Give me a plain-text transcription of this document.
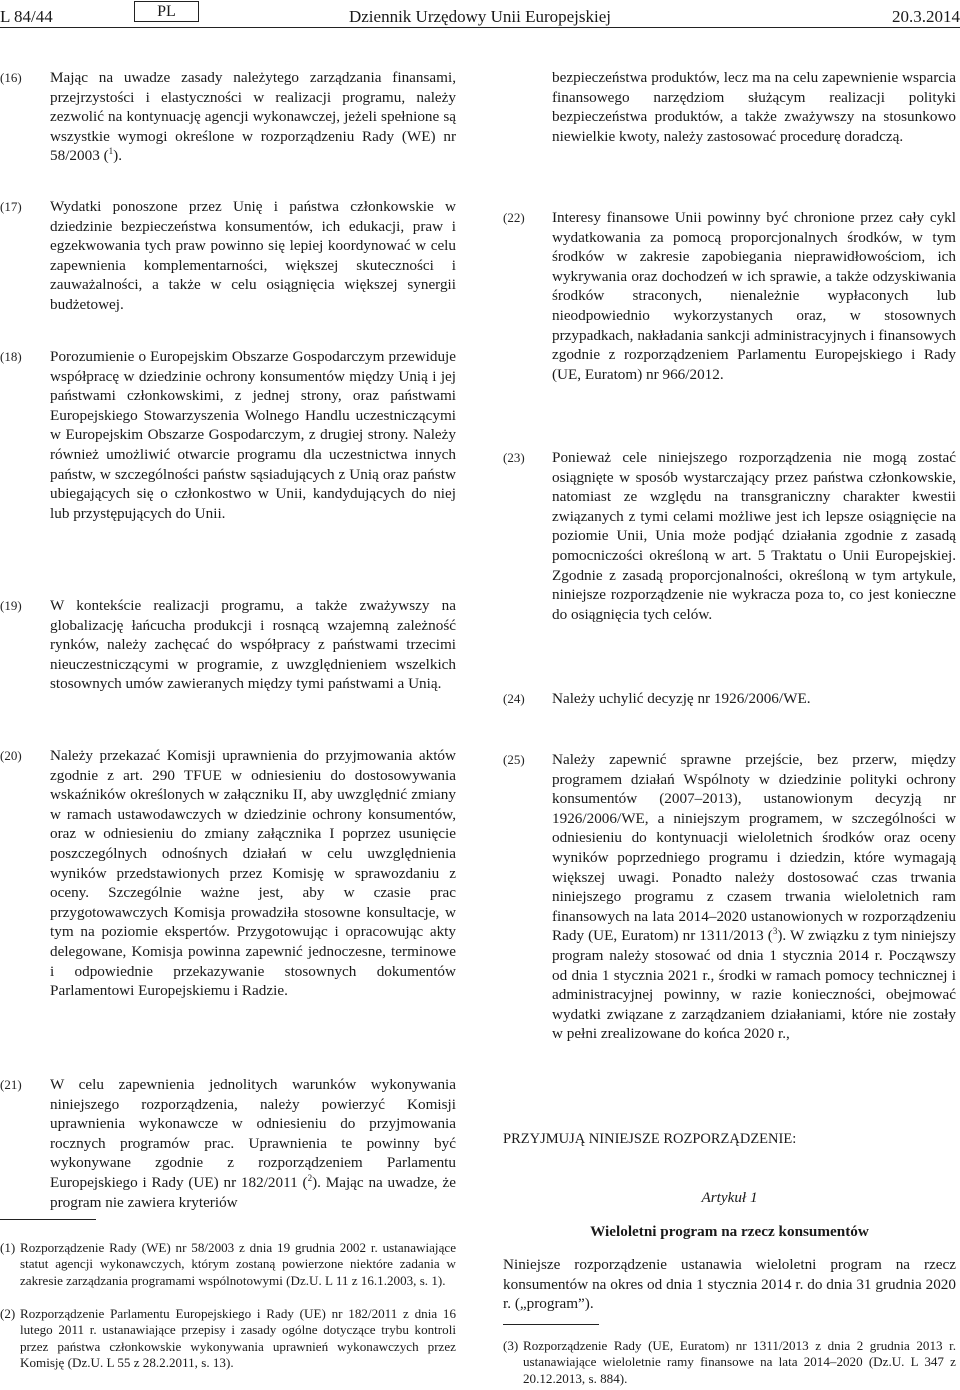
L 84/44	PL	Dziennik Urzędowy Unii Europejskiej	20.3.2014
(16) Mając na uwadze zasady należytego zarządzania finansami, przejrzystości i elastyczności w realizacji programu, należy zezwolić na kontynuację agencji wykonawczej, jeżeli spełnione są wszystkie wymogi określone w rozporządzeniu Rady (WE) nr 58/2003 ($^1$).
(17) Wydatki ponoszone przez Unię i państwa członkowskie w dziedzinie bezpieczeństwa konsumentów, ich edukacji, praw i egzekwowania tych praw powinno się lepiej koordynować w celu zapewnienia komplementarności, większej skuteczności i zauważalności, a także w celu osiągnięcia większej synergii budżetowej.
(18) Porozumienie o Europejskim Obszarze Gospodarczym przewiduje współpracę w dziedzinie ochrony konsumentów między Unią i jej państwami członkowskimi, z jednej strony, oraz państwami Europejskiego Stowarzyszenia Wolnego Handlu uczestniczącymi w Europejskim Obszarze Gospodarczym, z drugiej strony. Należy również umożliwić otwarcie programu dla uczestnictwa innych państw, w szczególności państw sąsiadujących z Unią oraz państw ubiegających się o członkostwo w Unii, kandydujących do niej lub przystępujących do Unii.
(19) W kontekście realizacji programu, a także zważywszy na globalizację łańcucha produkcji i rosnącą wzajemną zależność rynków, należy zachęcać do współpracy z państwami trzecimi nieuczestniczącymi w programie, z uwzględnieniem wszelkich stosownych umów zawieranych między tymi państwami a Unią.
(20) Należy przekazać Komisji uprawnienia do przyjmowania aktów zgodnie z art. 290 TFUE w odniesieniu do dostosowywania wskaźników określonych w załączniku II, aby uwzględnić zmiany w ramach ustawodawczych w dziedzinie ochrony konsumentów, oraz w odniesieniu do zmiany załącznika I poprzez usunięcie poszczególnych odnośnych działań w celu uwzględnienia wyników przedstawionych przez Komisję w sprawozdaniu z oceny. Szczególnie ważne jest, aby w czasie prac przygotowawczych Komisja prowadziła stosowne konsultacje, w tym na poziomie ekspertów. Przygotowując i opracowując akty delegowane, Komisja powinna zapewnić jednoczesne, terminowe i odpowiednie przekazywanie stosownych dokumentów Parlamentowi Europejskiemu i Radzie.
(21) W celu zapewnienia jednolitych warunków wykonywania niniejszego rozporządzenia, należy powierzyć Komisji uprawnienia wykonawcze w odniesieniu do przyjmowania rocznych programów prac. Uprawnienia te powinny być wykonywane zgodnie z rozporządzeniem Parlamentu Europejskiego i Rady (UE) nr 182/2011 ($^2$). Mając na uwadze, że program nie zawiera kryteriów
(1) Rozporządzenie Rady (WE) nr 58/2003 z dnia 19 grudnia 2002 r. ustanawiające statut agencji wykonawczych, którym zostaną powierzone niektóre zadania w zakresie zarządzania programami wspólnotowymi (Dz.U. L 11 z 16.1.2003, s. 1).
(2) Rozporządzenie Parlamentu Europejskiego i Rady (UE) nr 182/2011 z dnia 16 lutego 2011 r. ustanawiające przepisy i zasady ogólne dotyczące trybu kontroli przez państwa członkowskie wykonywania uprawnień wykonawczych przez Komisję (Dz.U. L 55 z 28.2.2011, s. 13).
bezpieczeństwa produktów, lecz ma na celu zapewnienie wsparcia finansowego narzędziom służącym realizacji polityki bezpieczeństwa produktów, a także zważywszy na stosunkowo niewielkie kwoty, należy zastosować procedurę doradczą.
(22) Interesy finansowe Unii powinny być chronione przez cały cykl wydatkowania za pomocą proporcjonalnych środków, w tym środków w zakresie zapobiegania nieprawidłowościom, ich wykrywania oraz dochodzeń w ich sprawie, a także odzyskiwania środków straconych, nienależnie wypłaconych lub nieodpowiednio wykorzystanych oraz, w stosownych przypadkach, nakładania sankcji administracyjnych i finansowych zgodnie z rozporządzeniem Parlamentu Europejskiego i Rady (UE, Euratom) nr 966/2012.
(23) Ponieważ cele niniejszego rozporządzenia nie mogą zostać osiągnięte w sposób wystarczający przez państwa członkowskie, natomiast ze względu na transgraniczny charakter kwestii związanych z tymi celami możliwe jest ich lepsze osiągnięcie na poziomie Unii, Unia może podjąć działania zgodnie z zasadą pomocniczości określoną w art. 5 Traktatu o Unii Europejskiej. Zgodnie z zasadą proporcjonalności, określoną w tym artykule, niniejsze rozporządzenie nie wykracza poza to, co jest konieczne do osiągnięcia tych celów.
(24) Należy uchylić decyzję nr 1926/2006/WE.
(25) Należy zapewnić sprawne przejście, bez przerw, między programem działań Wspólnoty w dziedzinie polityki ochrony konsumentów (2007–2013), ustanowionym decyzją nr 1926/2006/WE, a niniejszym programem, w szczególności w odniesieniu do kontynuacji wieloletnich środków oraz oceny wyników poprzedniego programu i dziedzin, które wymagają większej uwagi. Ponadto należy dostosować czas trwania niniejszego programu z czasem trwania wieloletnich ram finansowych na lata 2014–2020 ustanowionych w rozporządzeniu Rady (UE, Euratom) nr 1311/2013 ($^3$). W związku z tym niniejszy program należy stosować od dnia 1 stycznia 2014 r. Począwszy od dnia 1 stycznia 2021 r., środki w ramach pomocy technicznej i administracyjnej powinny, w razie konieczności, obejmować wydatki związane z zarządzaniem działaniami, które nie zostały w pełni zrealizowane do końca 2020 r.,
PRZYJMUJĄ NINIEJSZE ROZPORZĄDZENIE:
Artykuł 1
Wieloletni program na rzecz konsumentów
Niniejsze rozporządzenie ustanawia wieloletni program na rzecz konsumentów na okres od dnia 1 stycznia 2014 r. do dnia 31 grudnia 2020 r. („program”).
(3) Rozporządzenie Rady (UE, Euratom) nr 1311/2013 z dnia 2 grudnia 2013 r. ustanawiające wieloletnie ramy finansowe na lata 2014–2020 (Dz.U. L 347 z 20.12.2013, s. 884).
